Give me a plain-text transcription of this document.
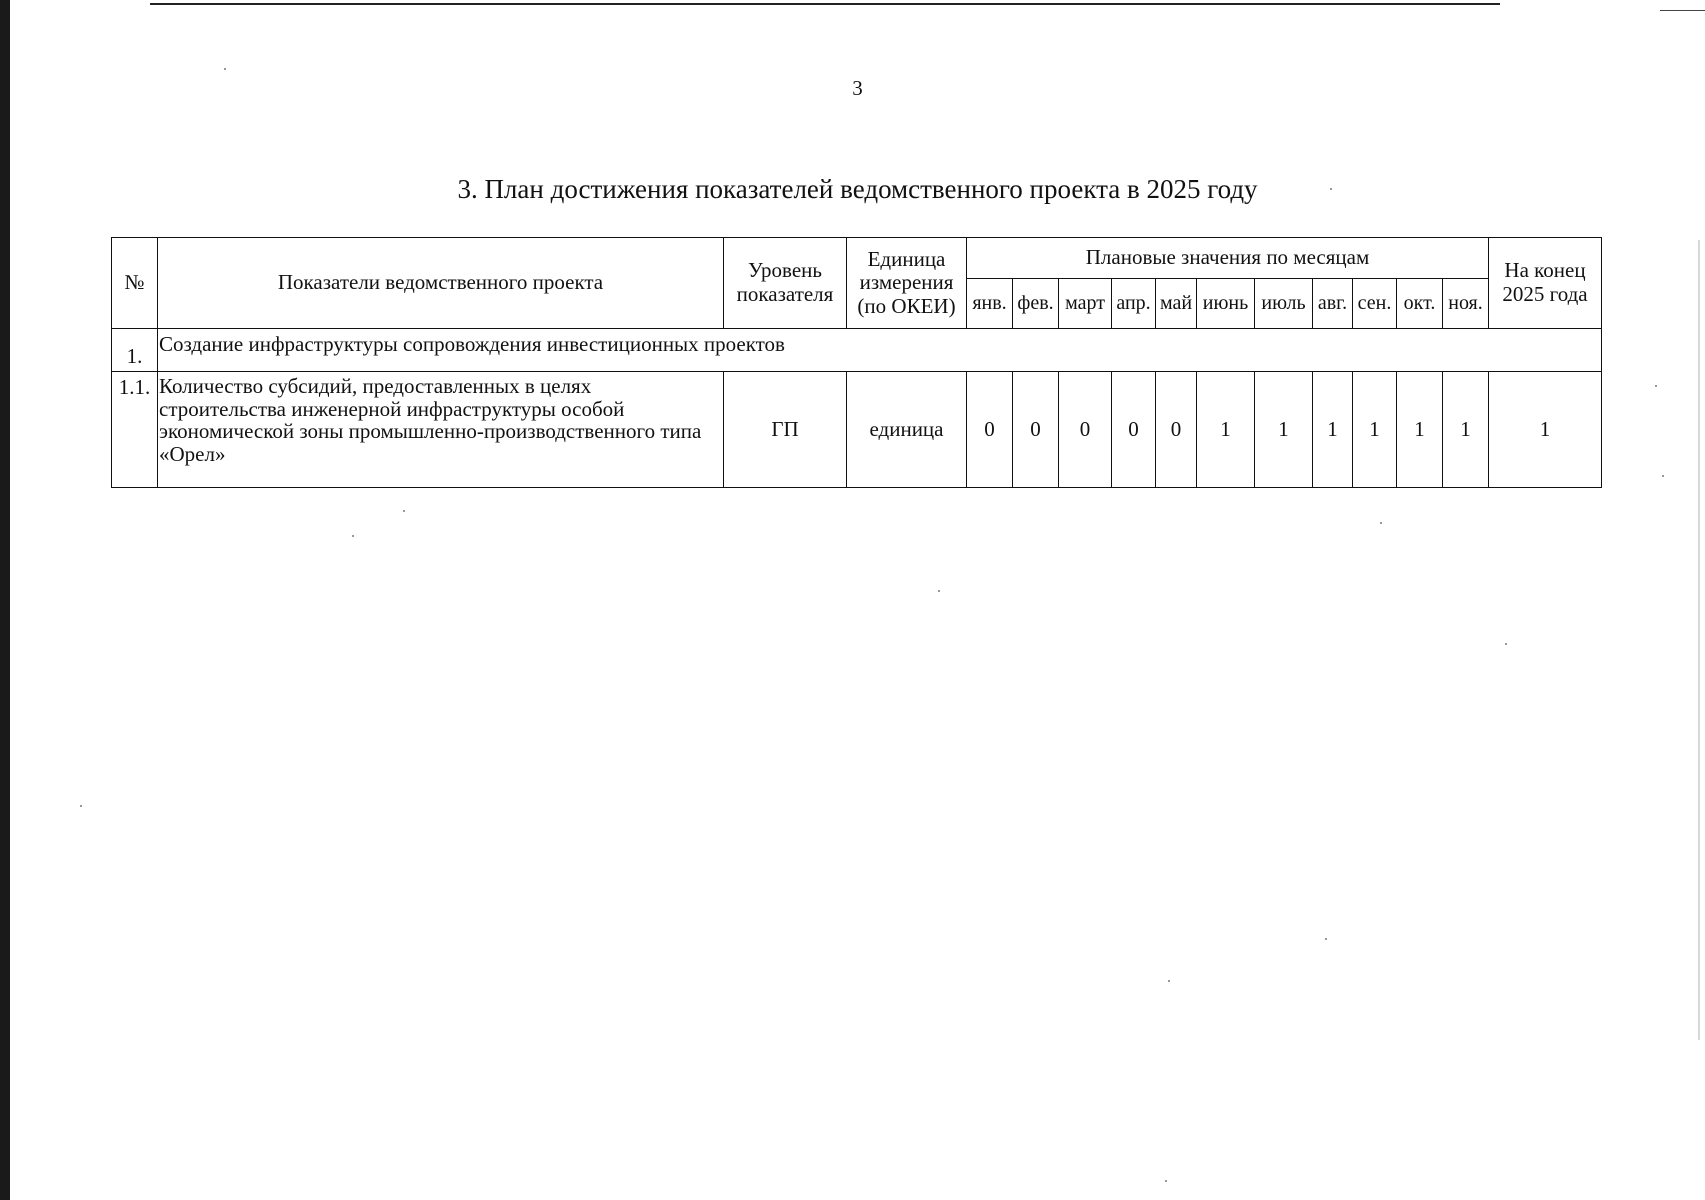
3
3. План достижения показателей ведомственного проекта в 2025 году
№	Показатели ведомственного проекта	Уровень показателя	Единица измерения (по ОКЕИ)	Плановые значения по месяцам											На конец 2025 года
				янв.	фев.	март	апр.	май	июнь	июль	авг.	сен.	окт.	ноя.	
1.	Создание инфраструктуры сопровождения инвестиционных проектов														
1.1.	Количество субсидий, предоставленных в целях строительства инженерной инфраструктуры особой экономической зоны промышленно-производственного типа «Орел»	ГП	единица	0	0	0	0	0	1	1	1	1	1	1	1
